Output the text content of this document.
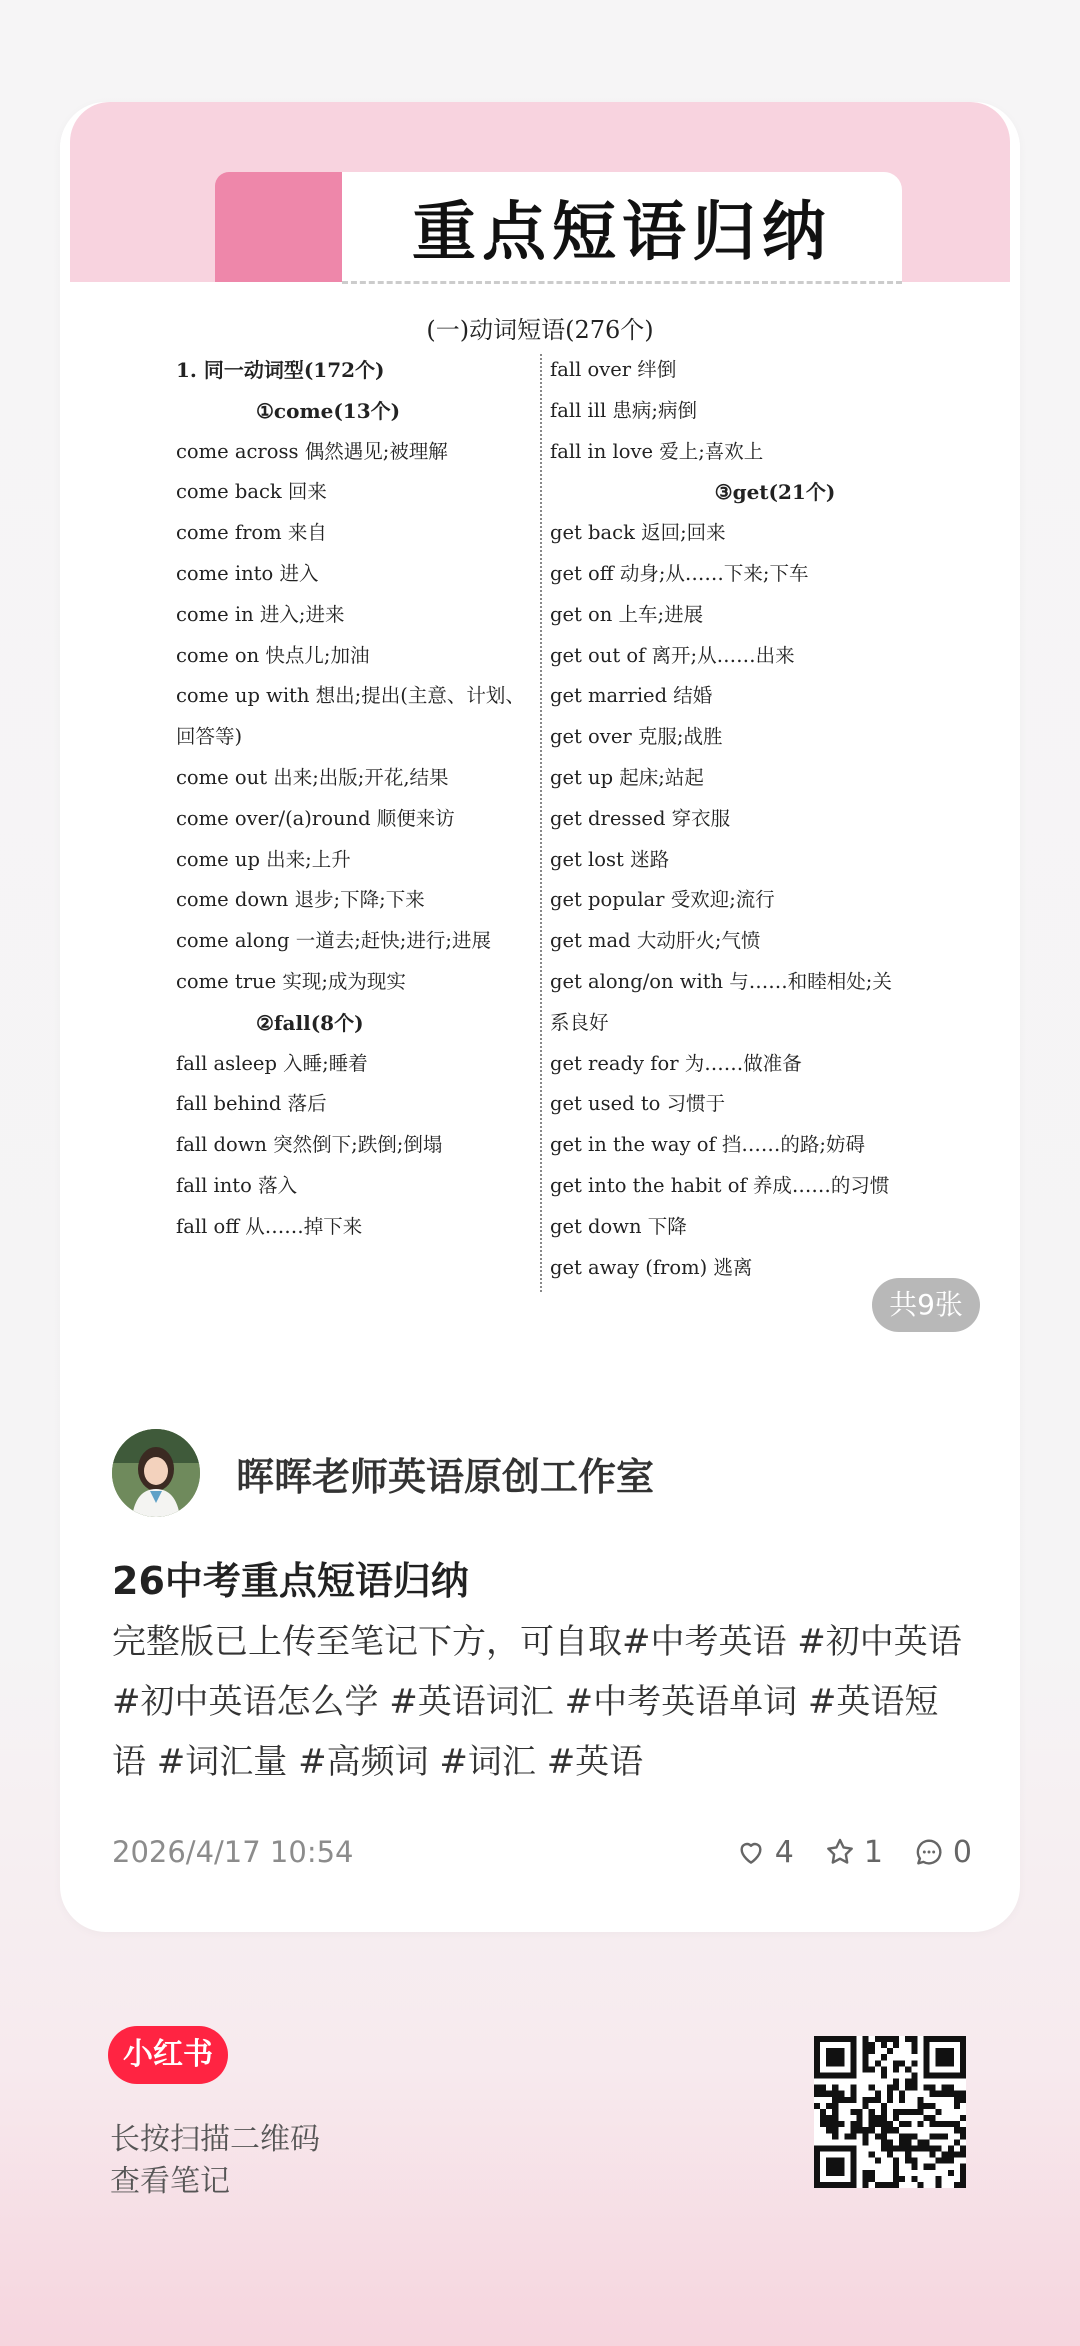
重点短语归纳
(一)动词短语(276个)
1. 同一动词型(172个)
①come(13个)
come across 偶然遇见;被理解
come back 回来
come from 来自
come into 进入
come in 进入;进来
come on 快点儿;加油
come up with 想出;提出(主意、计划、
回答等)
come out 出来;出版;开花,结果
come over/(a)round 顺便来访
come up 出来;上升
come down 退步;下降;下来
come along 一道去;赶快;进行;进展
come true 实现;成为现实
②fall(8个)
fall asleep 入睡;睡着
fall behind 落后
fall down 突然倒下;跌倒;倒塌
fall into 落入
fall off 从……掉下来
fall over 绊倒
fall ill 患病;病倒
fall in love 爱上;喜欢上
③get(21个)
get back 返回;回来
get off 动身;从……下来;下车
get on 上车;进展
get out of 离开;从……出来
get married 结婚
get over 克服;战胜
get up 起床;站起
get dressed 穿衣服
get lost 迷路
get popular 受欢迎;流行
get mad 大动肝火;气愤
get along/on with 与……和睦相处;关
系良好
get ready for 为……做准备
get used to 习惯于
get in the way of 挡……的路;妨碍
get into the habit of 养成……的习惯
get down 下降
get away (from) 逃离
共9张
晖晖老师英语原创工作室
26中考重点短语归纳
完整版已上传至笔记下方，可自取#中考英语 #初中英语 #初中英语怎么学 #英语词汇 #中考英语单词 #英语短语 #词汇量 #高频词 #词汇 #英语
2026/4/17 10:54	4 1 0
小红书
长按扫描二维码
查看笔记
